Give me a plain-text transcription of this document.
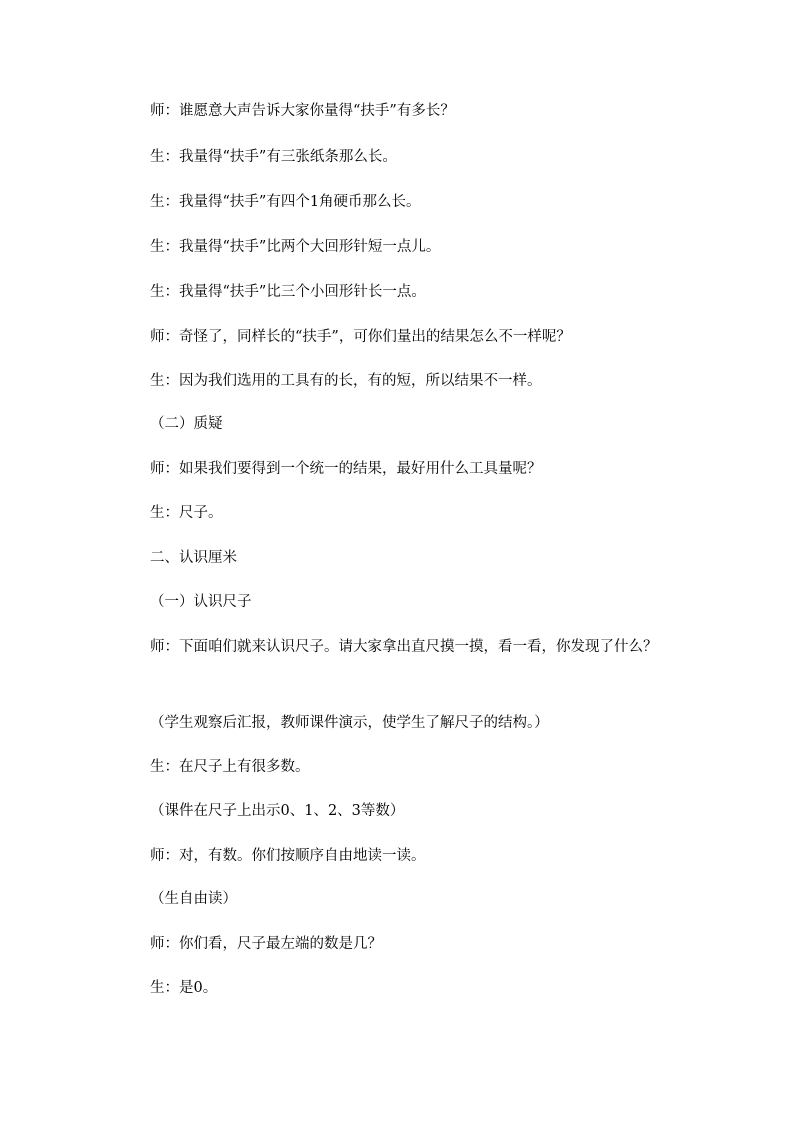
师：谁愿意大声告诉大家你量得“扶手”有多长？

生：我量得“扶手”有三张纸条那么长。

生：我量得“扶手”有四个1角硬币那么长。

生：我量得“扶手”比两个大回形针短一点儿。

生：我量得“扶手”比三个小回形针长一点。

师：奇怪了，同样长的“扶手”，可你们量出的结果怎么不一样呢？

生：因为我们选用的工具有的长，有的短，所以结果不一样。

（二）质疑

师：如果我们要得到一个统一的结果，最好用什么工具量呢？

生：尺子。

二、认识厘米

（一）认识尺子

师：下面咱们就来认识尺子。请大家拿出直尺摸一摸，看一看，你发现了什么？

（学生观察后汇报，教师课件演示，使学生了解尺子的结构。）

生：在尺子上有很多数。

（课件在尺子上出示0、1、2、3等数）

师：对，有数。你们按顺序自由地读一读。

（生自由读）

师：你们看，尺子最左端的数是几？

生：是0。
